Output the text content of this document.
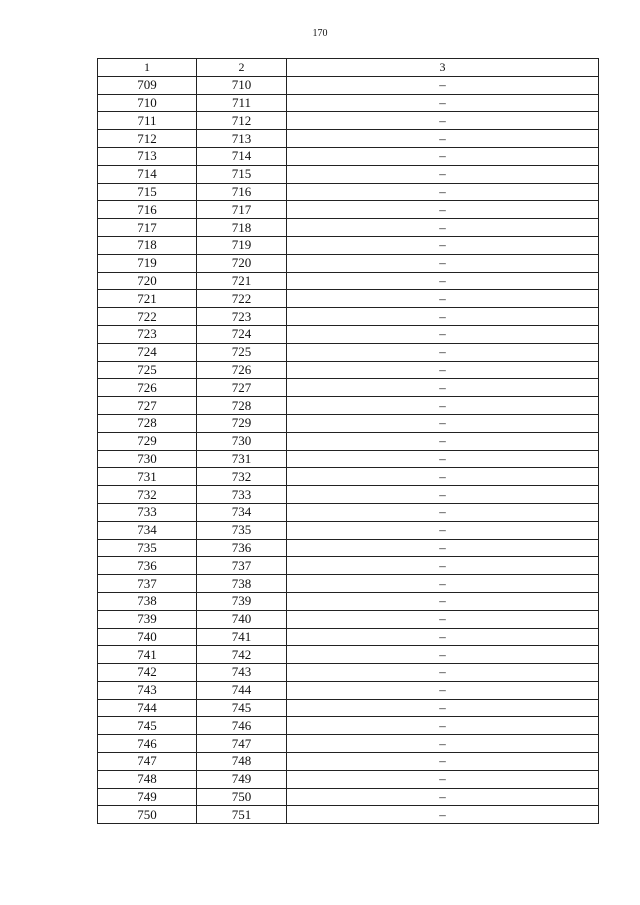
170
1	2	3
709	710	–
710	711	–
711	712	–
712	713	–
713	714	–
714	715	–
715	716	–
716	717	–
717	718	–
718	719	–
719	720	–
720	721	–
721	722	–
722	723	–
723	724	–
724	725	–
725	726	–
726	727	–
727	728	–
728	729	–
729	730	–
730	731	–
731	732	–
732	733	–
733	734	–
734	735	–
735	736	–
736	737	–
737	738	–
738	739	–
739	740	–
740	741	–
741	742	–
742	743	–
743	744	–
744	745	–
745	746	–
746	747	–
747	748	–
748	749	–
749	750	–
750	751	–
